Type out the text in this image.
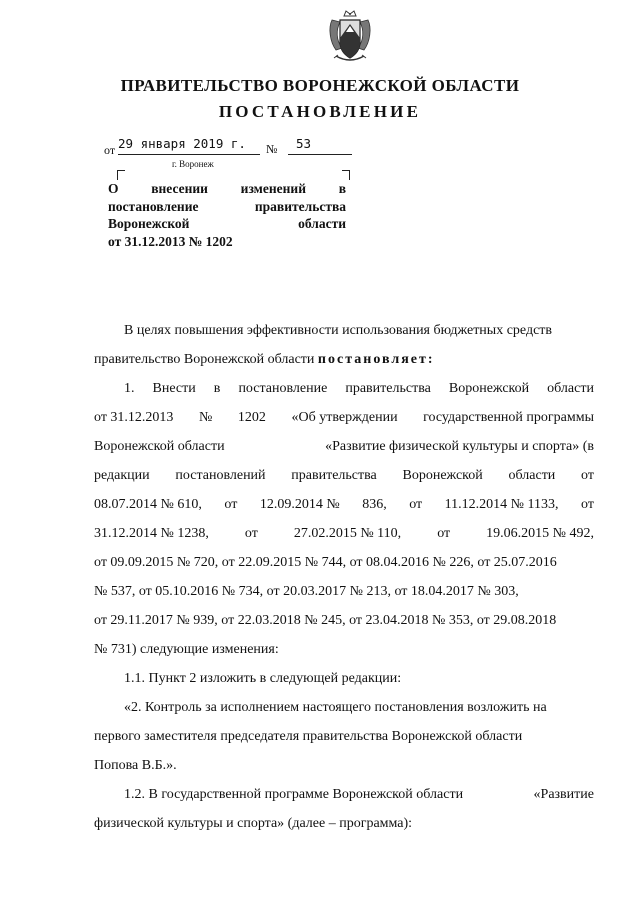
ПРАВИТЕЛЬСТВО ВОРОНЕЖСКОЙ ОБЛАСТИ
ПОСТАНОВЛЕНИЕ
от 29 января 2019 г.	№	53
г. Воронеж
О внесении изменений в
постановление	правительства
Воронежской	области
от 31.12.2013 № 1202
В целях повышения эффективности использования бюджетных средств
правительство Воронежской области постановляет:
1. Внести в постановление правительства Воронежской области
от 31.12.2013 № 1202 «Об утверждении государственной программы
Воронежской области	«Развитие физической культуры и спорта» (в
редакции постановлений правительства Воронежской области от
08.07.2014 № 610, от 12.09.2014 № 836, от 11.12.2014 № 1133, от
31.12.2014 № 1238,	от	27.02.2015 № 110,	от	19.06.2015 № 492,
от 09.09.2015 № 720, от 22.09.2015 № 744, от 08.04.2016 № 226, от 25.07.2016
№ 537, от 05.10.2016 № 734, от 20.03.2017 № 213, от 18.04.2017 № 303,
от 29.11.2017 № 939, от 22.03.2018 № 245, от 23.04.2018 № 353, от 29.08.2018
№ 731) следующие изменения:
1.1. Пункт 2 изложить в следующей редакции:
«2. Контроль за исполнением настоящего постановления возложить на
первого заместителя председателя правительства Воронежской области
Попова В.Б.».
1.2. В государственной программе Воронежской области	«Развитие
физической культуры и спорта» (далее – программа):
